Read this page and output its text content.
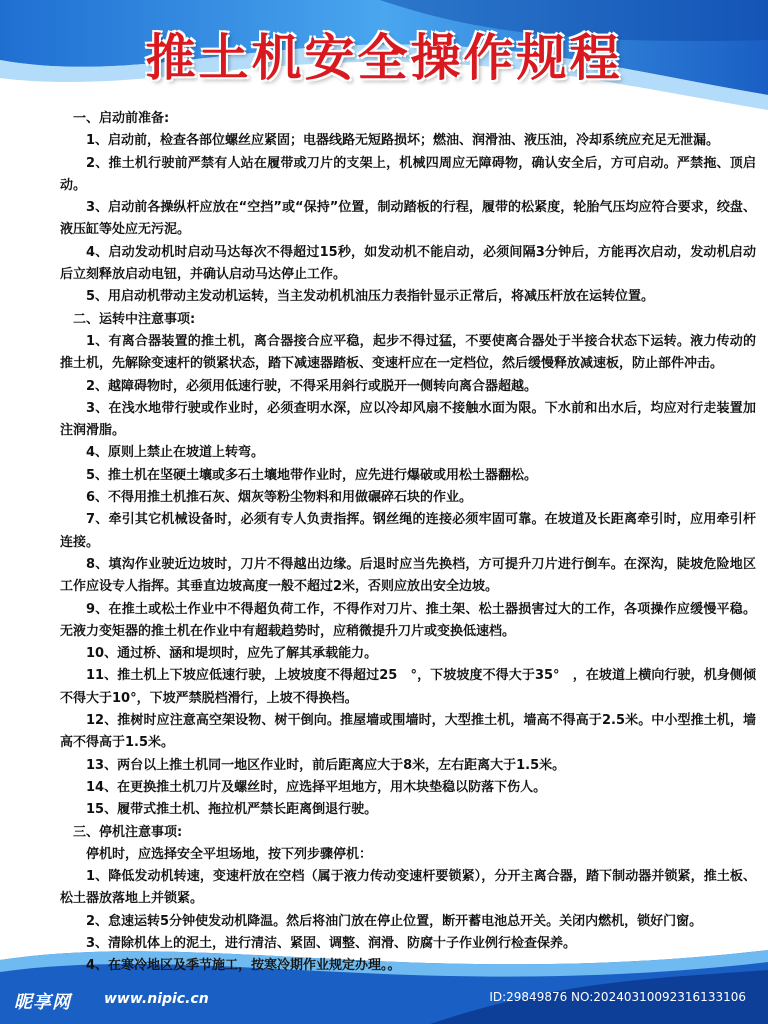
推土机安全操作规程

一、启动前准备:

1、启动前，检查各部位螺丝应紧固；电器线路无短路损坏；燃油、润滑油、液压油，冷却系统应充足无泄漏。

2、推土机行驶前严禁有人站在履带或刀片的支架上，机械四周应无障碍物，确认安全后，方可启动。严禁拖、顶启动。

3、启动前各操纵杆应放在“空挡”或“保持”位置，制动踏板的行程，履带的松紧度，轮胎气压均应符合要求，绞盘、液压缸等处应无污泥。

4、启动发动机时启动马达每次不得超过15秒，如发动机不能启动，必须间隔3分钟后，方能再次启动，发动机启动后立刻释放启动电钮，并确认启动马达停止工作。

5、用启动机带动主发动机运转，当主发动机机油压力表指针显示正常后，将减压杆放在运转位置。

二、运转中注意事项:

1、有离合器装置的推土机，离合器接合应平稳，起步不得过猛，不要使离合器处于半接合状态下运转。液力传动的推土机，先解除变速杆的锁紧状态，踏下减速器踏板、变速杆应在一定档位，然后缓慢释放减速板，防止部件冲击。

2、越障碍物时，必须用低速行驶，不得采用斜行或脱开一侧转向离合器超越。

3、在浅水地带行驶或作业时，必须查明水深，应以冷却风扇不接触水面为限。下水前和出水后，均应对行走装置加注润滑脂。

4、原则上禁止在坡道上转弯。

5、推土机在坚硬土壤或多石土壤地带作业时，应先进行爆破或用松土器翻松。

6、不得用推土机推石灰、烟灰等粉尘物料和用做碾碎石块的作业。

7、牵引其它机械设备时，必须有专人负责指挥。钢丝绳的连接必须牢固可靠。在坡道及长距离牵引时，应用牵引杆连接。

8、填沟作业驶近边坡时，刀片不得越出边缘。后退时应当先换档，方可提升刀片进行倒车。在深沟，陡坡危险地区工作应设专人指挥。其垂直边坡高度一般不超过2米，否则应放出安全边坡。

9、在推土或松土作业中不得超负荷工作，不得作对刀片、推土架、松土器损害过大的工作，各项操作应缓慢平稳。无液力变矩器的推土机在作业中有超载趋势时，应稍微提升刀片或变换低速档。

10、通过桥、涵和堤坝时，应先了解其承载能力。

11、推土机上下坡应低速行驶，上坡坡度不得超过25　°，下坡坡度不得大于35°　，在坡道上横向行驶，机身侧倾不得大于10°，下坡严禁脱档滑行，上坡不得换档。

12、推树时应注意高空架设物、树干倒向。推屋墙或围墙时，大型推土机，墙高不得高于2.5米。中小型推土机，墙高不得高于1.5米。

13、两台以上推土机同一地区作业时，前后距离应大于8米，左右距离大于1.5米。

14、在更换推土机刀片及螺丝时，应选择平坦地方，用木块垫稳以防落下伤人。

15、履带式推土机、拖拉机严禁长距离倒退行驶。

三、停机注意事项:

停机时，应选择安全平坦场地，按下列步骤停机：

1、降低发动机转速，变速杆放在空档（属于液力传动变速杆要锁紧），分开主离合器，踏下制动器并锁紧，推土板、松土器放落地上并锁紧。

2、怠速运转5分钟使发动机降温。然后将油门放在停止位置，断开蓄电池总开关。关闭内燃机，锁好门窗。

3、清除机体上的泥土，进行清洁、紧固、调整、润滑、防腐十子作业例行检查保养。

4、在寒冷地区及季节施工，按寒冷期作业规定办理。。

昵享网 www.nipic.cn	ID:29849876 NO:20240310092316133106
